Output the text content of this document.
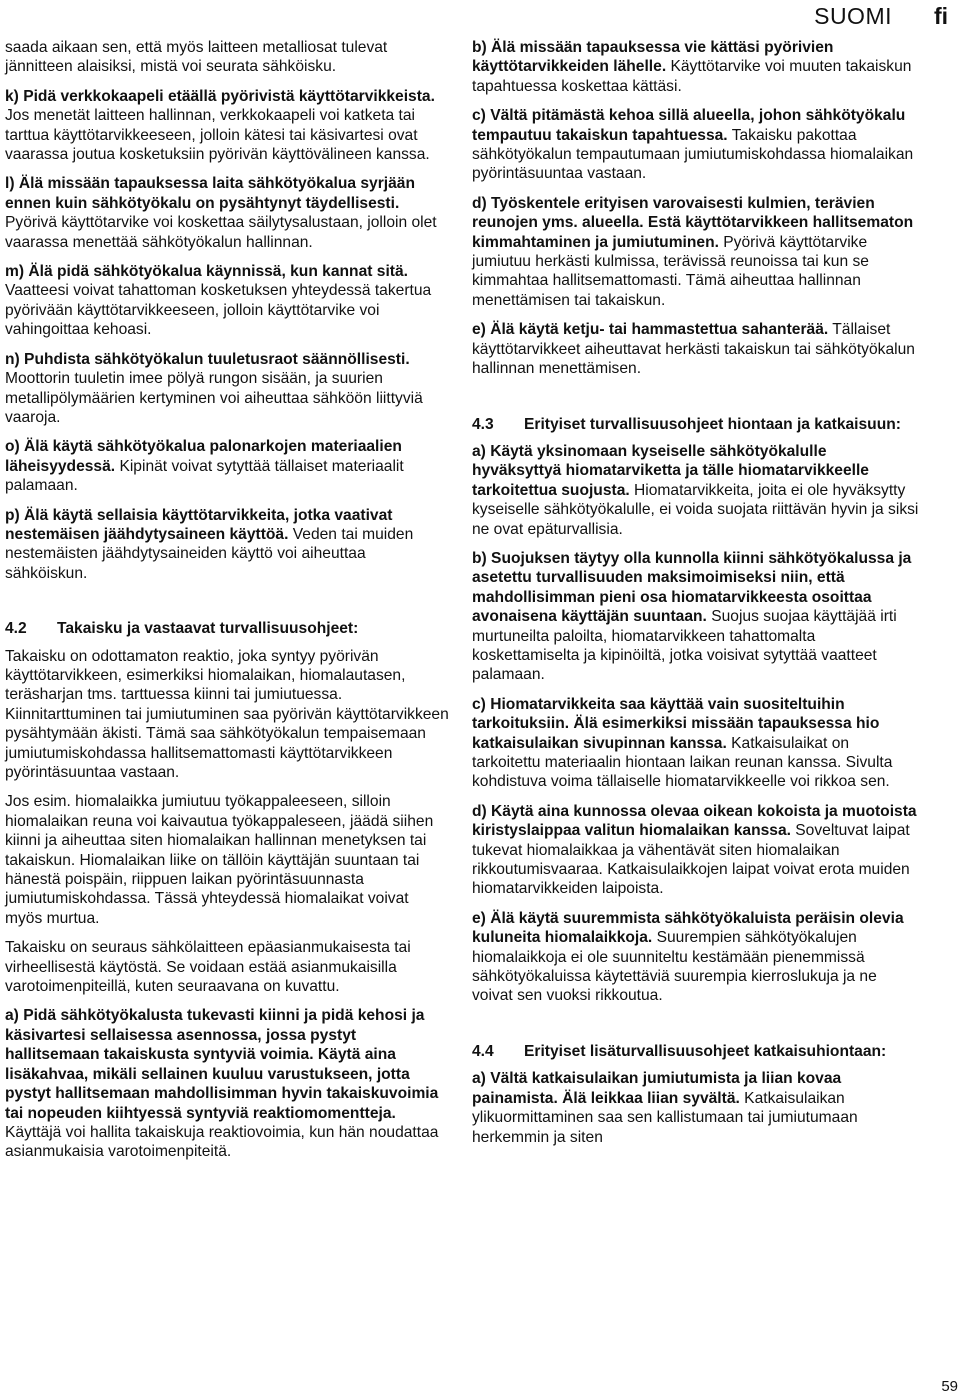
SUOMI fi

saada aikaan sen, että myös laitteen metalliosat tulevat jännitteen alaisiksi, mistä voi seurata sähköisku.

k) Pidä verkkokaapeli etäällä pyörivistä käyttötarvikkeista. Jos menetät laitteen hallinnan, verkkokaapeli voi katketa tai tarttua käyttötarvikkeeseen, jolloin kätesi tai käsivartesi ovat vaarassa joutua kosketuksiin pyörivän käyttövälineen kanssa.

l) Älä missään tapauksessa laita sähkötyökalua syrjään ennen kuin sähkötyökalu on pysähtynyt täydellisesti. Pyörivä käyttötarvike voi koskettaa säilytysalustaan, jolloin olet vaarassa menettää sähkötyökalun hallinnan.

m) Älä pidä sähkötyökalua käynnissä, kun kannat sitä. Vaatteesi voivat tahattoman kosketuksen yhteydessä takertua pyörivään käyttötarvikkeeseen, jolloin käyttötarvike voi vahingoittaa kehoasi.

n) Puhdista sähkötyökalun tuuletusraot säännöllisesti. Moottorin tuuletin imee pölyä rungon sisään, ja suurien metallipölymäärien kertyminen voi aiheuttaa sähköön liittyviä vaaroja.

o) Älä käytä sähkötyökalua palonarkojen materiaalien läheisyydessä. Kipinät voivat sytyttää tällaiset materiaalit palamaan.

p) Älä käytä sellaisia käyttötarvikkeita, jotka vaativat nestemäisen jäähdytysaineen käyttöä. Veden tai muiden nestemäisten jäähdytysaineiden käyttö voi aiheuttaa sähköiskun.

4.2 Takaisku ja vastaavat turvallisuusohjeet:

Takaisku on odottamaton reaktio, joka syntyy pyörivän käyttötarvikkeen, esimerkiksi hiomalaikan, hiomalautasen, teräsharjan tms. tarttuessa kiinni tai jumiutuessa. Kiinnitarttuminen tai jumiutuminen saa pyörivän käyttötarvikkeen pysähtymään äkisti. Tämä saa sähkötyökalun tempaisemaan jumiutumiskohdassa hallitsemattomasti käyttötarvikkeen pyörintäsuuntaa vastaan.

Jos esim. hiomalaikka jumiutuu työkappaleeseen, silloin hiomalaikan reuna voi kaivautua työkappaleseen, jäädä siihen kiinni ja aiheuttaa siten hiomalaikan hallinnan menetyksen tai takaiskun. Hiomalaikan liike on tällöin käyttäjän suuntaan tai hänestä poispäin, riippuen laikan pyörintäsuunnasta jumiutumiskohdassa. Tässä yhteydessä hiomalaikat voivat myös murtua.

Takaisku on seuraus sähkölaitteen epäasianmukaisesta tai virheellisestä käytöstä. Se voidaan estää asianmukaisilla varotoimenpiteillä, kuten seuraavana on kuvattu.

a) Pidä sähkötyökalusta tukevasti kiinni ja pidä kehosi ja käsivartesi sellaisessa asennossa, jossa pystyt hallitsemaan takaiskusta syntyviä voimia. Käytä aina lisäkahvaa, mikäli sellainen kuuluu varustukseen, jotta pystyt hallitsemaan mahdollisimman hyvin takaiskuvoimia tai nopeuden kiihtyessä syntyviä reaktiomomentteja. Käyttäjä voi hallita takaiskuja reaktiovoimia, kun hän noudattaa asianmukaisia varotoimenpiteitä.

b) Älä missään tapauksessa vie kättäsi pyörivien käyttötarvikkeiden lähelle. Käyttötarvike voi muuten takaiskun tapahtuessa koskettaa kättäsi.

c) Vältä pitämästä kehoa sillä alueella, johon sähkötyökalu tempautuu takaiskun tapahtuessa. Takaisku pakottaa sähkötyökalun tempautumaan jumiutumiskohdassa hiomalaikan pyörintäsuuntaa vastaan.

d) Työskentele erityisen varovaisesti kulmien, terävien reunojen yms. alueella. Estä käyttötarvikkeen hallitsematon kimmahtaminen ja jumiutuminen. Pyörivä käyttötarvike jumiutuu herkästi kulmissa, terävissä reunoissa tai kun se kimmahtaa hallitsemattomasti. Tämä aiheuttaa hallinnan menettämisen tai takaiskun.

e) Älä käytä ketju- tai hammastettua sahanterää. Tällaiset käyttötarvikkeet aiheuttavat herkästi takaiskun tai sähkötyökalun hallinnan menettämisen.

4.3 Erityiset turvallisuusohjeet hiontaan ja katkaisuun:

a) Käytä yksinomaan kyseiselle sähkötyökalulle hyväksyttyä hiomatarviketta ja tälle hiomatarvikkeelle tarkoitettua suojusta. Hiomatarvikkeita, joita ei ole hyväksytty kyseiselle sähkötyökalulle, ei voida suojata riittävän hyvin ja siksi ne ovat epäturvallisia.

b) Suojuksen täytyy olla kunnolla kiinni sähkötyökalussa ja asetettu turvallisuuden maksimoimiseksi niin, että mahdollisimman pieni osa hiomatarvikkeesta osoittaa avonaisena käyttäjän suuntaan. Suojus suojaa käyttäjää irti murtuneilta paloilta, hiomatarvikkeen tahattomalta koskettamiselta ja kipinöiltä, jotka voisivat sytyttää vaatteet palamaan.

c) Hiomatarvikkeita saa käyttää vain suositeltuihin tarkoituksiin. Älä esimerkiksi missään tapauksessa hio katkaisulaikan sivupinnan kanssa. Katkaisulaikat on tarkoitettu materiaalin hiontaan laikan reunan kanssa. Sivulta kohdistuva voima tällaiselle hiomatarvikkeelle voi rikkoa sen.

d) Käytä aina kunnossa olevaa oikean kokoista ja muotoista kiristyslaippaa valitun hiomalaikan kanssa. Soveltuvat laipat tukevat hiomalaikkaa ja vähentävät siten hiomalaikan rikkoutumisvaaraa. Katkaisulaikkojen laipat voivat erota muiden hiomatarvikkeiden laipoista.

e) Älä käytä suuremmista sähkötyökaluista peräisin olevia kuluneita hiomalaikkoja. Suurempien sähkötyökalujen hiomalaikkoja ei ole suunniteltu kestämään pienemmissä sähkötyökaluissa käytettäviä suurempia kierroslukuja ja ne voivat sen vuoksi rikkoutua.

4.4 Erityiset lisäturvallisuusohjeet katkaisuhiontaan:

a) Vältä katkaisulaikan jumiutumista ja liian kovaa painamista. Älä leikkaa liian syvältä. Katkaisulaikan ylikuormittaminen saa sen kallistumaan tai jumiutumaan herkemmin ja siten

59
